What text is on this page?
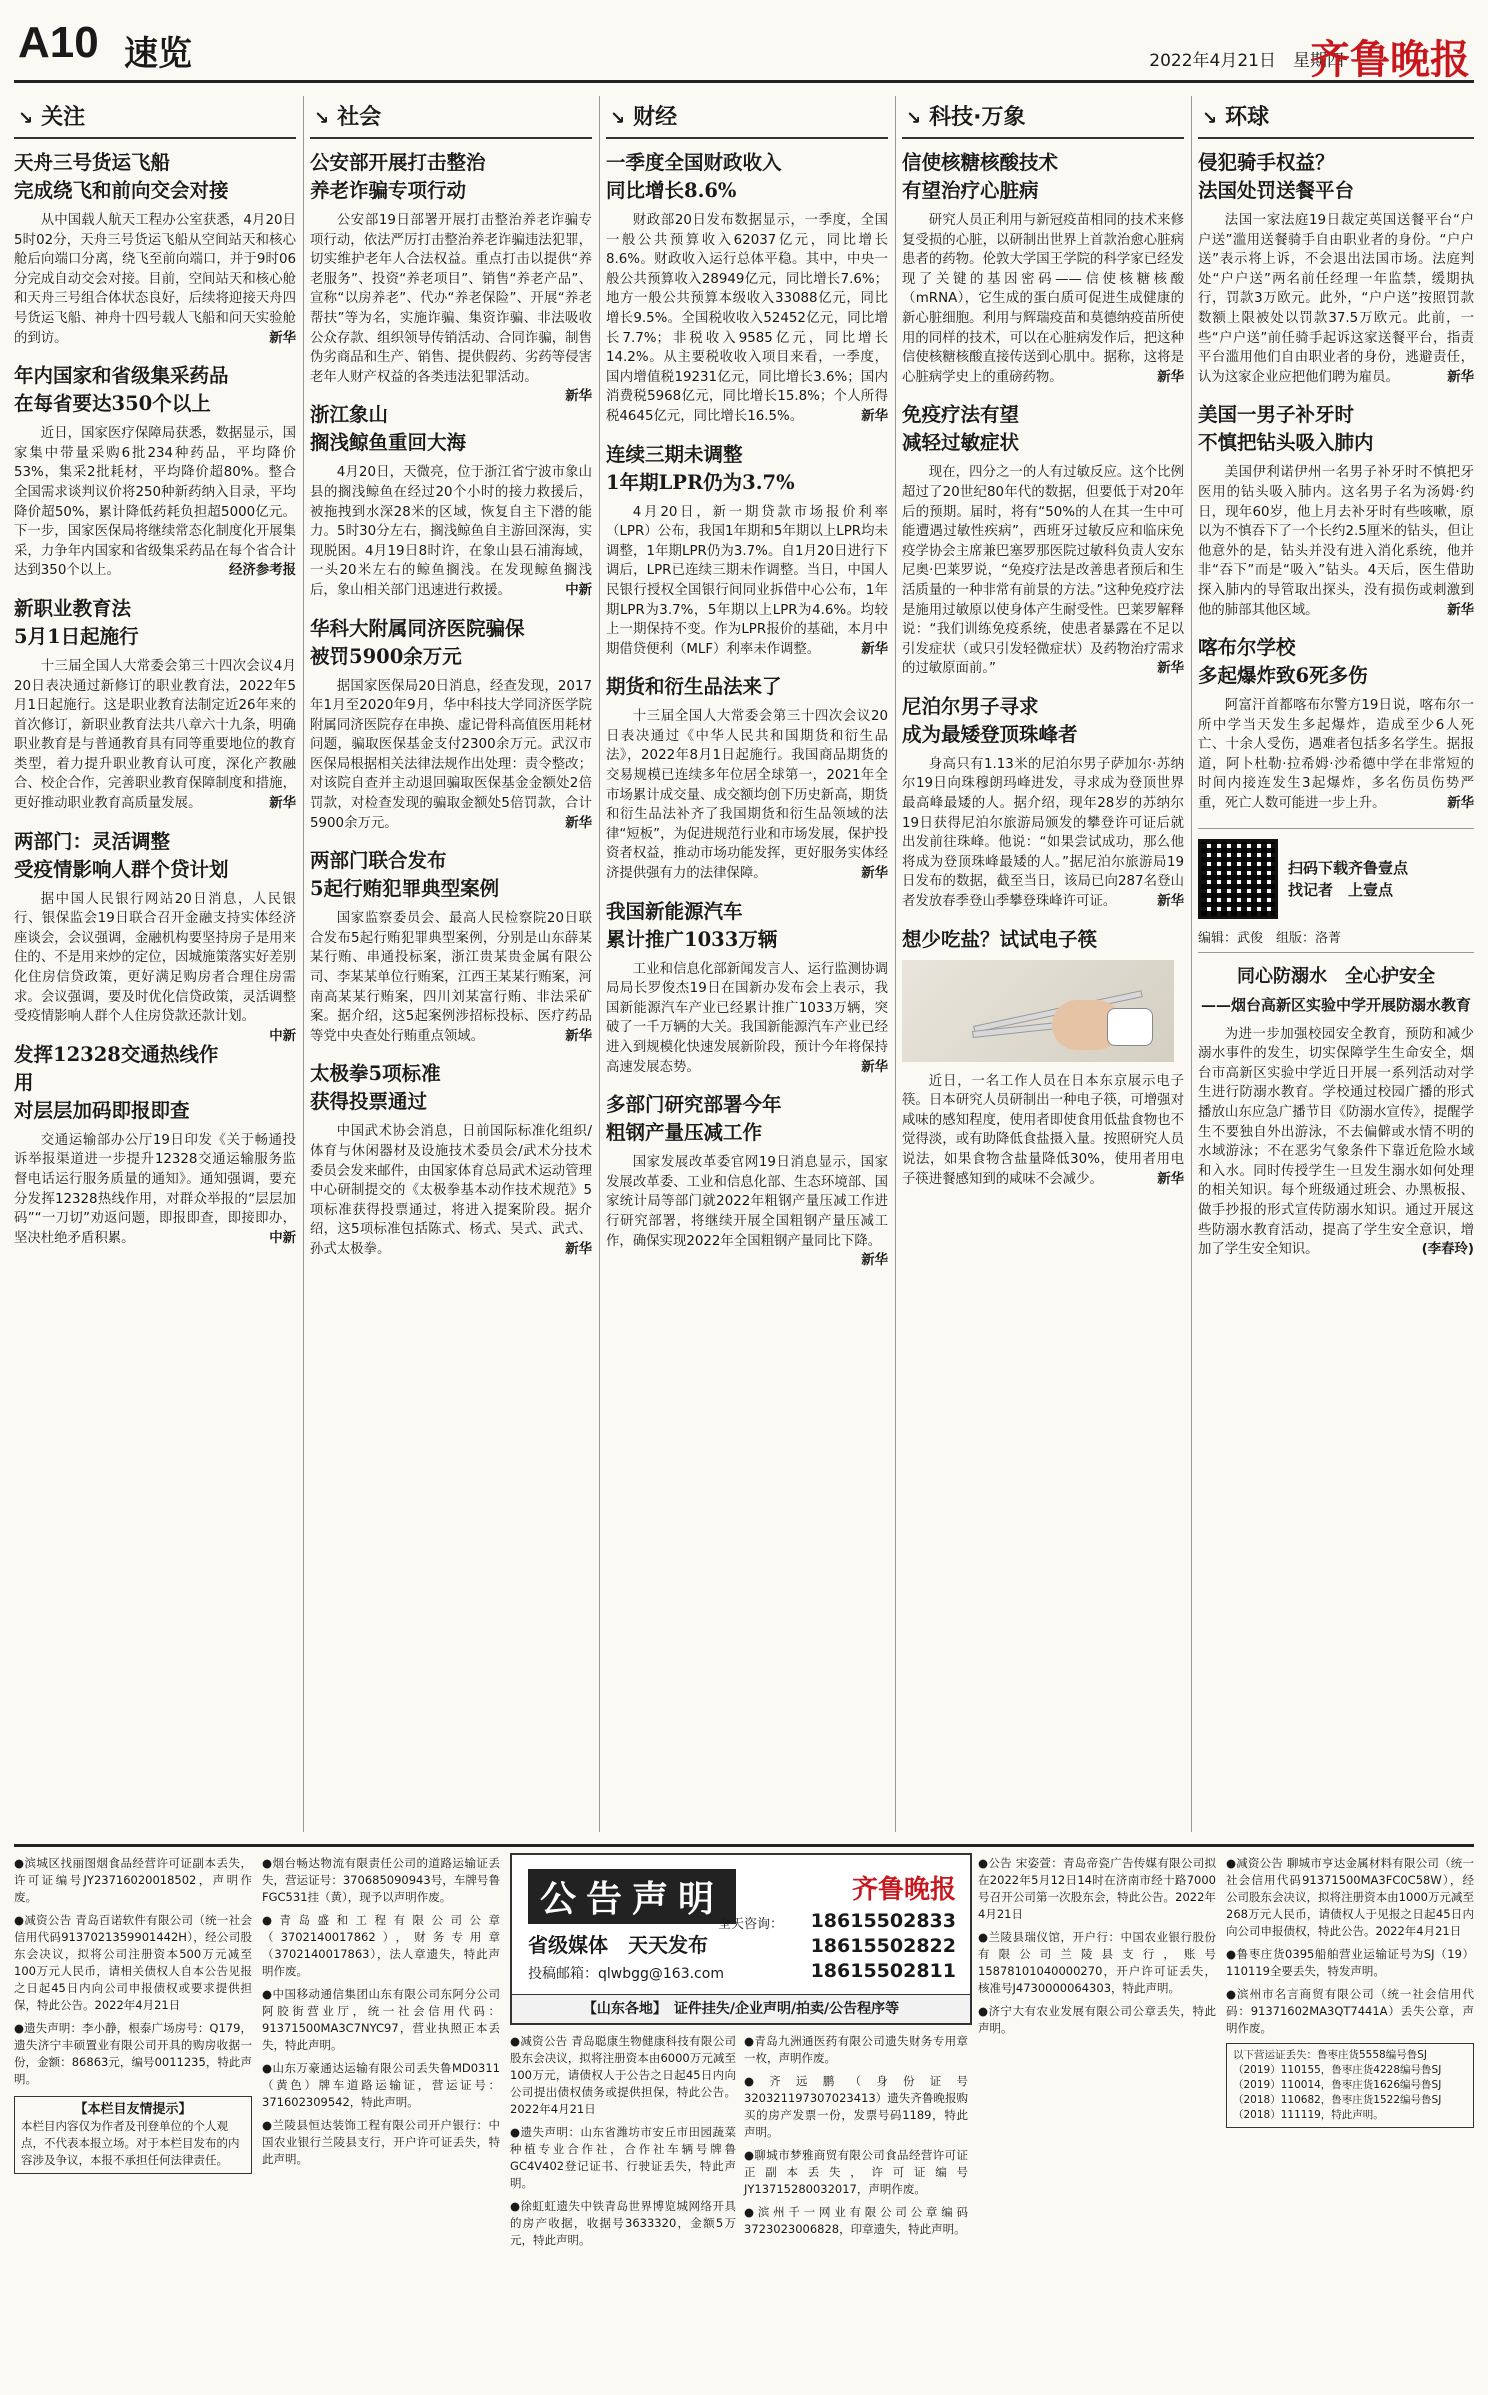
A10 速览	2022年4月21日　星期四
齐鲁晚报
↘ 关注
天舟三号货运飞船
完成绕飞和前向交会对接

从中国载人航天工程办公室获悉，4月20日5时02分，天舟三号货运飞船从空间站天和核心舱后向端口分离，绕飞至前向端口，并于9时06分完成自动交会对接。目前，空间站天和核心舱和天舟三号组合体状态良好，后续将迎接天舟四号货运飞船、神舟十四号载人飞船和问天实验舱的到访。	新华

年内国家和省级集采药品
在每省要达350个以上

近日，国家医疗保障局获悉，数据显示，国家集中带量采购6批234种药品，平均降价53%，集采2批耗材，平均降价超80%。整合全国需求谈判议价将250种新药纳入目录，平均降价超50%，累计降低药耗负担超5000亿元。下一步，国家医保局将继续常态化制度化开展集采，力争年内国家和省级集采药品在每个省合计达到350个以上。	经济参考报

新职业教育法
5月1日起施行

十三届全国人大常委会第三十四次会议4月20日表决通过新修订的职业教育法，2022年5月1日起施行。这是职业教育法制定近26年来的首次修订，新职业教育法共八章六十九条，明确职业教育是与普通教育具有同等重要地位的教育类型，着力提升职业教育认可度，深化产教融合、校企合作，完善职业教育保障制度和措施，更好推动职业教育高质量发展。	新华

两部门：灵活调整
受疫情影响人群个贷计划

据中国人民银行网站20日消息，人民银行、银保监会19日联合召开金融支持实体经济座谈会，会议强调，金融机构要坚持房子是用来住的、不是用来炒的定位，因城施策落实好差别化住房信贷政策，更好满足购房者合理住房需求。会议强调，要及时优化信贷政策，灵活调整受疫情影响人群个人住房贷款还款计划。
中新

发挥12328交通热线作用
对层层加码即报即查

交通运输部办公厅19日印发《关于畅通投诉举报渠道进一步提升12328交通运输服务监督电话运行服务质量的通知》。通知强调，要充分发挥12328热线作用，对群众举报的“层层加码”“一刀切”劝返问题，即报即查，即接即办，坚决杜绝矛盾积累。	中新

↘ 社会
公安部开展打击整治
养老诈骗专项行动

公安部19日部署开展打击整治养老诈骗专项行动，依法严厉打击整治养老诈骗违法犯罪，切实维护老年人合法权益。重点打击以提供“养老服务”、投资“养老项目”、销售“养老产品”、宣称“以房养老”、代办“养老保险”、开展“养老帮扶”等为名，实施诈骗、集资诈骗、非法吸收公众存款、组织领导传销活动、合同诈骗，制售伪劣商品和生产、销售、提供假药、劣药等侵害老年人财产权益的各类违法犯罪活动。
新华

浙江象山
搁浅鲸鱼重回大海

4月20日，天微亮，位于浙江省宁波市象山县的搁浅鲸鱼在经过20个小时的接力救援后，被拖拽到水深28米的区域，恢复自主下潜的能力。5时30分左右，搁浅鲸鱼自主游回深海，实现脱困。4月19日8时许，在象山县石浦海域，一头20米左右的鲸鱼搁浅。在发现鲸鱼搁浅后，象山相关部门迅速进行救援。	中新

华科大附属同济医院骗保
被罚5900余万元

据国家医保局20日消息，经查发现，2017年1月至2020年9月，华中科技大学同济医学院附属同济医院存在串换、虚记骨科高值医用耗材问题，骗取医保基金支付2300余万元。武汉市医保局根据相关法律法规作出处理：责令整改；对该院自查并主动退回骗取医保基金金额处2倍罚款，对检查发现的骗取金额处5倍罚款，合计5900余万元。	新华

两部门联合发布
5起行贿犯罪典型案例

国家监察委员会、最高人民检察院20日联合发布5起行贿犯罪典型案例，分别是山东薛某某行贿、串通投标案，浙江贵某贵金属有限公司、李某某单位行贿案，江西王某某行贿案，河南高某某行贿案，四川刘某富行贿、非法采矿案。据介绍，这5起案例涉招标投标、医疗药品等党中央查处行贿重点领域。	新华

太极拳5项标准
获得投票通过

中国武术协会消息，日前国际标准化组织/体育与休闲器材及设施技术委员会/武术分技术委员会发来邮件，由国家体育总局武术运动管理中心研制提交的《太极拳基本动作技术规范》5项标准获得投票通过，将进入提案阶段。据介绍，这5项标准包括陈式、杨式、吴式、武式、孙式太极拳。	新华

↘ 财经
一季度全国财政收入
同比增长8.6%

财政部20日发布数据显示，一季度，全国一般公共预算收入62037亿元，同比增长8.6%。财政收入运行总体平稳。其中，中央一般公共预算收入28949亿元，同比增长7.6%；地方一般公共预算本级收入33088亿元，同比增长9.5%。全国税收收入52452亿元，同比增长7.7%；非税收入9585亿元，同比增长14.2%。从主要税收收入项目来看，一季度，国内增值税19231亿元，同比增长3.6%；国内消费税5968亿元，同比增长15.8%；个人所得税4645亿元，同比增长16.5%。	新华

连续三期未调整
1年期LPR仍为3.7%

4月20日，新一期贷款市场报价利率（LPR）公布，我国1年期和5年期以上LPR均未调整，1年期LPR仍为3.7%。自1月20日进行下调后，LPR已连续三期未作调整。当日，中国人民银行授权全国银行间同业拆借中心公布，1年期LPR为3.7%，5年期以上LPR为4.6%。均较上一期保持不变。作为LPR报价的基础，本月中期借贷便利（MLF）利率未作调整。	新华

期货和衍生品法来了

十三届全国人大常委会第三十四次会议20日表决通过《中华人民共和国期货和衍生品法》，2022年8月1日起施行。我国商品期货的交易规模已连续多年位居全球第一，2021年全市场累计成交量、成交额均创下历史新高，期货和衍生品法补齐了我国期货和衍生品领域的法律“短板”，为促进规范行业和市场发展，保护投资者权益，推动市场功能发挥，更好服务实体经济提供强有力的法律保障。	新华

我国新能源汽车
累计推广1033万辆

工业和信息化部新闻发言人、运行监测协调局局长罗俊杰19日在国新办发布会上表示，我国新能源汽车产业已经累计推广1033万辆，突破了一千万辆的大关。我国新能源汽车产业已经进入到规模化快速发展新阶段，预计今年将保持高速发展态势。	新华

多部门研究部署今年
粗钢产量压减工作

国家发展改革委官网19日消息显示，国家发展改革委、工业和信息化部、生态环境部、国家统计局等部门就2022年粗钢产量压减工作进行研究部署，将继续开展全国粗钢产量压减工作，确保实现2022年全国粗钢产量同比下降。
新华

↘ 科技·万象
信使核糖核酸技术
有望治疗心脏病

研究人员正利用与新冠疫苗相同的技术来修复受损的心脏，以研制出世界上首款治愈心脏病患者的药物。伦敦大学国王学院的科学家已经发现了关键的基因密码——信使核糖核酸（mRNA），它生成的蛋白质可促进生成健康的新心脏细胞。利用与辉瑞疫苗和莫德纳疫苗所使用的同样的技术，可以在心脏病发作后，把这种信使核糖核酸直接传送到心肌中。据称，这将是心脏病学史上的重磅药物。	新华

免疫疗法有望
减轻过敏症状

现在，四分之一的人有过敏反应。这个比例超过了20世纪80年代的数据，但要低于对20年后的预期。届时，将有“50%的人在其一生中可能遭遇过敏性疾病”，西班牙过敏反应和临床免疫学协会主席兼巴塞罗那医院过敏科负责人安东尼奥·巴莱罗说，“免疫疗法是改善患者预后和生活质量的一种非常有前景的方法。”这种免疫疗法是施用过敏原以使身体产生耐受性。巴莱罗解释说：“我们训练免疫系统，使患者暴露在不足以引发症状（或只引发轻微症状）及药物治疗需求的过敏原面前。”	新华

尼泊尔男子寻求
成为最矮登顶珠峰者

身高只有1.13米的尼泊尔男子萨加尔·苏纳尔19日向珠穆朗玛峰进发，寻求成为登顶世界最高峰最矮的人。据介绍，现年28岁的苏纳尔19日获得尼泊尔旅游局颁发的攀登许可证后就出发前往珠峰。他说：“如果尝试成功，那么他将成为登顶珠峰最矮的人。”据尼泊尔旅游局19日发布的数据，截至当日，该局已向287名登山者发放春季登山季攀登珠峰许可证。	新华

想少吃盐？试试电子筷

近日，一名工作人员在日本东京展示电子筷。日本研究人员研制出一种电子筷，可增强对咸味的感知程度，使用者即使食用低盐食物也不觉得淡，或有助降低食盐摄入量。按照研究人员说法，如果食物含盐量降低30%，使用者用电子筷进餐感知到的咸味不会减少。	新华

↘ 环球
侵犯骑手权益？
法国处罚送餐平台

法国一家法庭19日裁定英国送餐平台“户户送”滥用送餐骑手自由职业者的身份。“户户送”表示将上诉，不会退出法国市场。法庭判处“户户送”两名前任经理一年监禁，缓期执行，罚款3万欧元。此外，“户户送”按照罚款数额上限被处以罚款37.5万欧元。此前，一些“户户送”前任骑手起诉这家送餐平台，指责平台滥用他们自由职业者的身份，逃避责任，认为这家企业应把他们聘为雇员。	新华

美国一男子补牙时
不慎把钻头吸入肺内

美国伊利诺伊州一名男子补牙时不慎把牙医用的钻头吸入肺内。这名男子名为汤姆·约日，现年60岁，他上月去补牙时有些咳嗽，原以为不慎吞下了一个长约2.5厘米的钻头，但让他意外的是，钻头并没有进入消化系统，他并非“吞下”而是“吸入”钻头。4天后，医生借助探入肺内的导管取出探头，没有损伤或刺激到他的肺部其他区域。	新华

喀布尔学校
多起爆炸致6死多伤

阿富汗首都喀布尔警方19日说，喀布尔一所中学当天发生多起爆炸，造成至少6人死亡、十余人受伤，遇难者包括多名学生。据报道，阿卜杜勒·拉希姆·沙希德中学在非常短的时间内接连发生3起爆炸，多名伤员伤势严重，死亡人数可能进一步上升。	新华

扫码下载齐鲁壹点
找记者　上壹点
编辑：武俊　组版：洛菁
同心防溺水　全心护安全
——烟台高新区实验中学开展防溺水教育

为进一步加强校园安全教育，预防和减少溺水事件的发生，切实保障学生生命安全，烟台市高新区实验中学近日开展一系列活动对学生进行防溺水教育。学校通过校园广播的形式播放山东应急广播节目《防溺水宣传》，提醒学生不要独自外出游泳，不去偏僻或水情不明的水域游泳；不在恶劣气象条件下靠近危险水域和入水。同时传授学生一旦发生溺水如何处理的相关知识。每个班级通过班会、办黑板报、做手抄报的形式宣传防溺水知识。通过开展这些防溺水教育活动，提高了学生安全意识，增加了学生安全知识。	(李春玲)

●滨城区找丽图烟食品经营许可证副本丢失，许可证编号JY23716020018502，声明作废。

●减资公告 青岛百诺软件有限公司（统一社会信用代码9137021359901442H），经公司股东会决议，拟将公司注册资本500万元减至100万元人民币，请相关债权人自本公告见报之日起45日内向公司申报债权或要求提供担保，特此公告。2022年4月21日

●遗失声明：李小静，根泰广场房号：Q179，遗失济宁丰硕置业有限公司开具的购房收据一份，金额：86863元，编号0011235，特此声明。

【本栏目友情提示】
本栏目内容仅为作者及刊登单位的个人观点，不代表本报立场。对于本栏目发布的内容涉及争议，本报不承担任何法律责任。

●烟台畅达物流有限责任公司的道路运输证丢失，营运证号：370685090943号，车牌号鲁FGC531挂（黄），现予以声明作废。

●青岛盛和工程有限公司公章（3702140017862），财务专用章（3702140017863），法人章遗失，特此声明作废。

●中国移动通信集团山东有限公司东阿分公司阿胶街营业厅，统一社会信用代码：91371500MA3C7NYC97，营业执照正本丢失，特此声明。

●山东万豪通达运输有限公司丢失鲁MD0311（黄色）牌车道路运输证，营运证号：371602309542，特此声明。

●兰陵县恒达装饰工程有限公司开户银行：中国农业银行兰陵县支行，开户许可证丢失，特此声明。

公告声明
省级媒体　天天发布
投稿邮箱：qlwbgg@163.com
全天咨询：
齐鲁晚报
18615502833
18615502822
18615502811
【山东各地】　证件挂失/企业声明/拍卖/公告程序等

●减资公告 青岛聪康生物健康科技有限公司股东会决议，拟将注册资本由6000万元减至100万元，请债权人于公告之日起45日内向公司提出债权债务或提供担保，特此公告。2022年4月21日

●遗失声明：山东省潍坊市安丘市田园蔬菜种植专业合作社，合作社车辆号牌鲁GC4V402登记证书、行驶证丢失，特此声明。

●徐虹虹遗失中铁青岛世界博览城网络开具的房产收据，收据号3633320，金额5万元，特此声明。

●青岛九洲通医药有限公司遗失财务专用章一枚，声明作废。

●齐远鹏（身份证号320321197307023413）遗失齐鲁晚报购买的房产发票一份，发票号码1189，特此声明。

●聊城市梦雅商贸有限公司食品经营许可证正副本丢失，许可证编号JY13715280032017，声明作废。

●滨州千一网业有限公司公章编码3723023006828，印章遗失，特此声明。

●公告 宋姿萱：青岛帝瓷广告传媒有限公司拟在2022年5月12日14时在济南市经十路7000号召开公司第一次股东会，特此公告。2022年4月21日

●兰陵县瑞仪馆，开户行：中国农业银行股份有限公司兰陵县支行，账号15878101040000270，开户许可证丢失，核准号J4730000064303，特此声明。

●济宁大有农业发展有限公司公章丢失，特此声明。

●减资公告 聊城市亨达金属材料有限公司（统一社会信用代码91371500MA3FC0C58W），经公司股东会决议，拟将注册资本由1000万元减至268万元人民币，请债权人于见报之日起45日内向公司申报债权，特此公告。2022年4月21日

●鲁枣庄货0395船舶营业运输证号为SJ（19）110119全要丢失，特发声明。

●滨州市名言商贸有限公司（统一社会信用代码：91371602MA3QT7441A）丢失公章，声明作废。

以下营运证丢失：鲁枣庄货5558编号鲁SJ（2019）110155，鲁枣庄货4228编号鲁SJ（2019）110014，鲁枣庄货1626编号鲁SJ（2018）110682，鲁枣庄货1522编号鲁SJ（2018）111119，特此声明。
